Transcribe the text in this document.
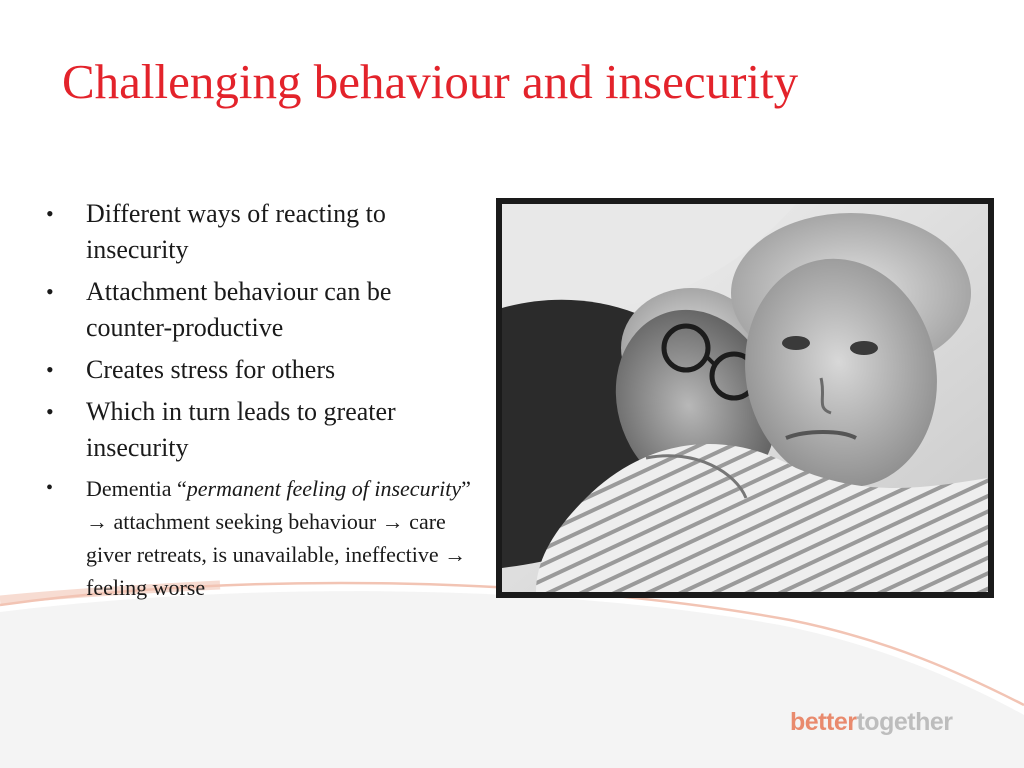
Challenging behaviour and insecurity
• Different ways of reacting to insecurity
• Attachment behaviour can be counter-productive
• Creates stress for others
• Which in turn leads to greater insecurity
• Dementia “permanent feeling of insecurity” → attachment seeking behaviour → care giver retreats, is unavailable, ineffective → feeling worse
bettertogether
